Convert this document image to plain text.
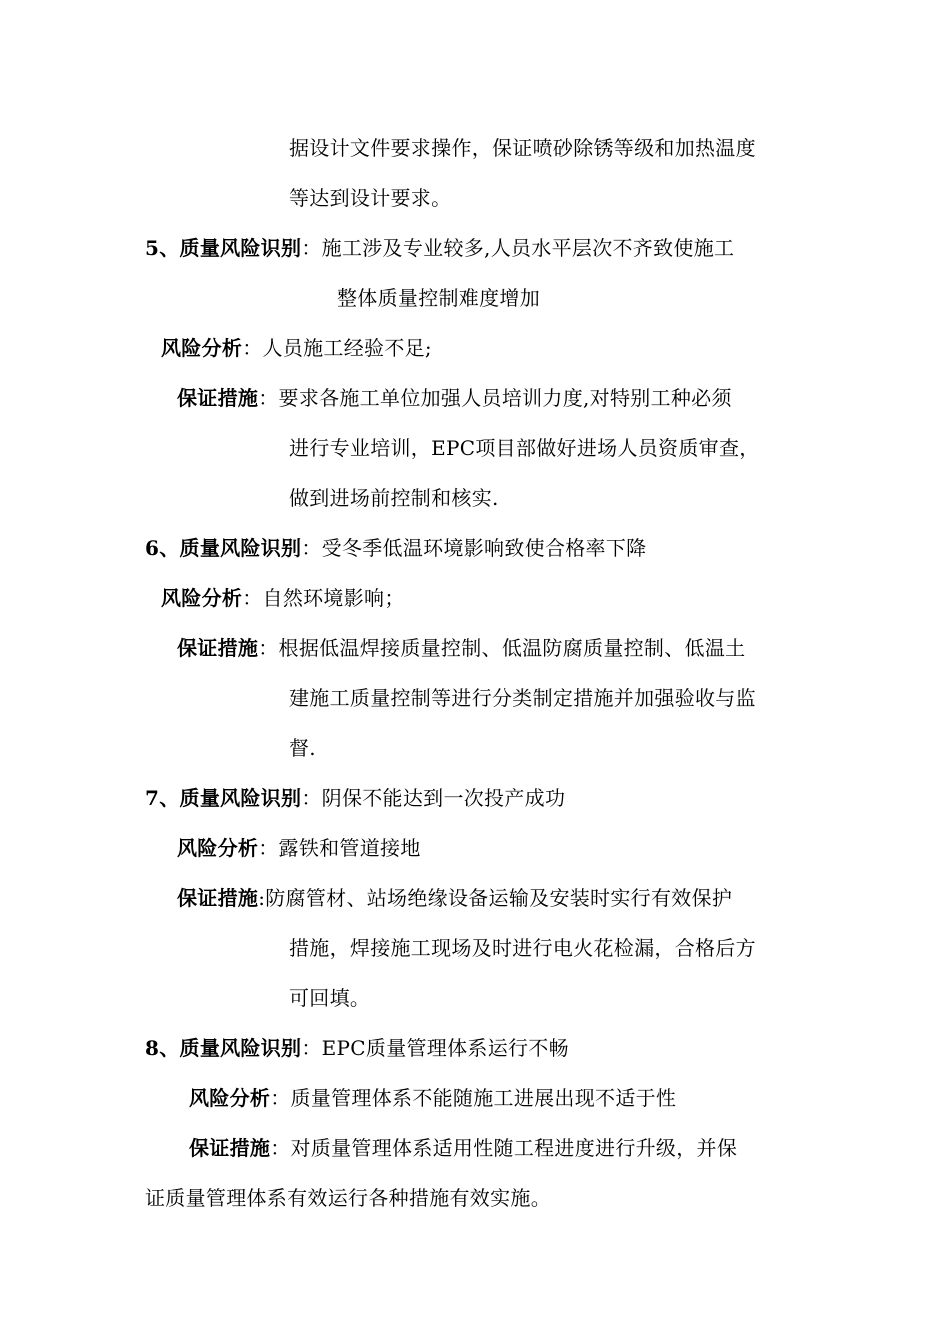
据设计文件要求操作，保证喷砂除锈等级和加热温度
等达到设计要求。
5、质量风险识别：施工涉及专业较多,人员水平层次不齐致使施工
整体质量控制难度增加
风险分析：人员施工经验不足;
保证措施：要求各施工单位加强人员培训力度,对特别工种必须
进行专业培训，EPC项目部做好进场人员资质审查，
做到进场前控制和核实.
6、质量风险识别：受冬季低温环境影响致使合格率下降
风险分析：自然环境影响；
保证措施：根据低温焊接质量控制、低温防腐质量控制、低温土
建施工质量控制等进行分类制定措施并加强验收与监
督.
7、质量风险识别：阴保不能达到一次投产成功
风险分析：露铁和管道接地
保证措施:防腐管材、站场绝缘设备运输及安装时实行有效保护
措施，焊接施工现场及时进行电火花检漏，合格后方
可回填。
8、质量风险识别：EPC质量管理体系运行不畅
风险分析：质量管理体系不能随施工进展出现不适于性
保证措施：对质量管理体系适用性随工程进度进行升级，并保
证质量管理体系有效运行各种措施有效实施。
